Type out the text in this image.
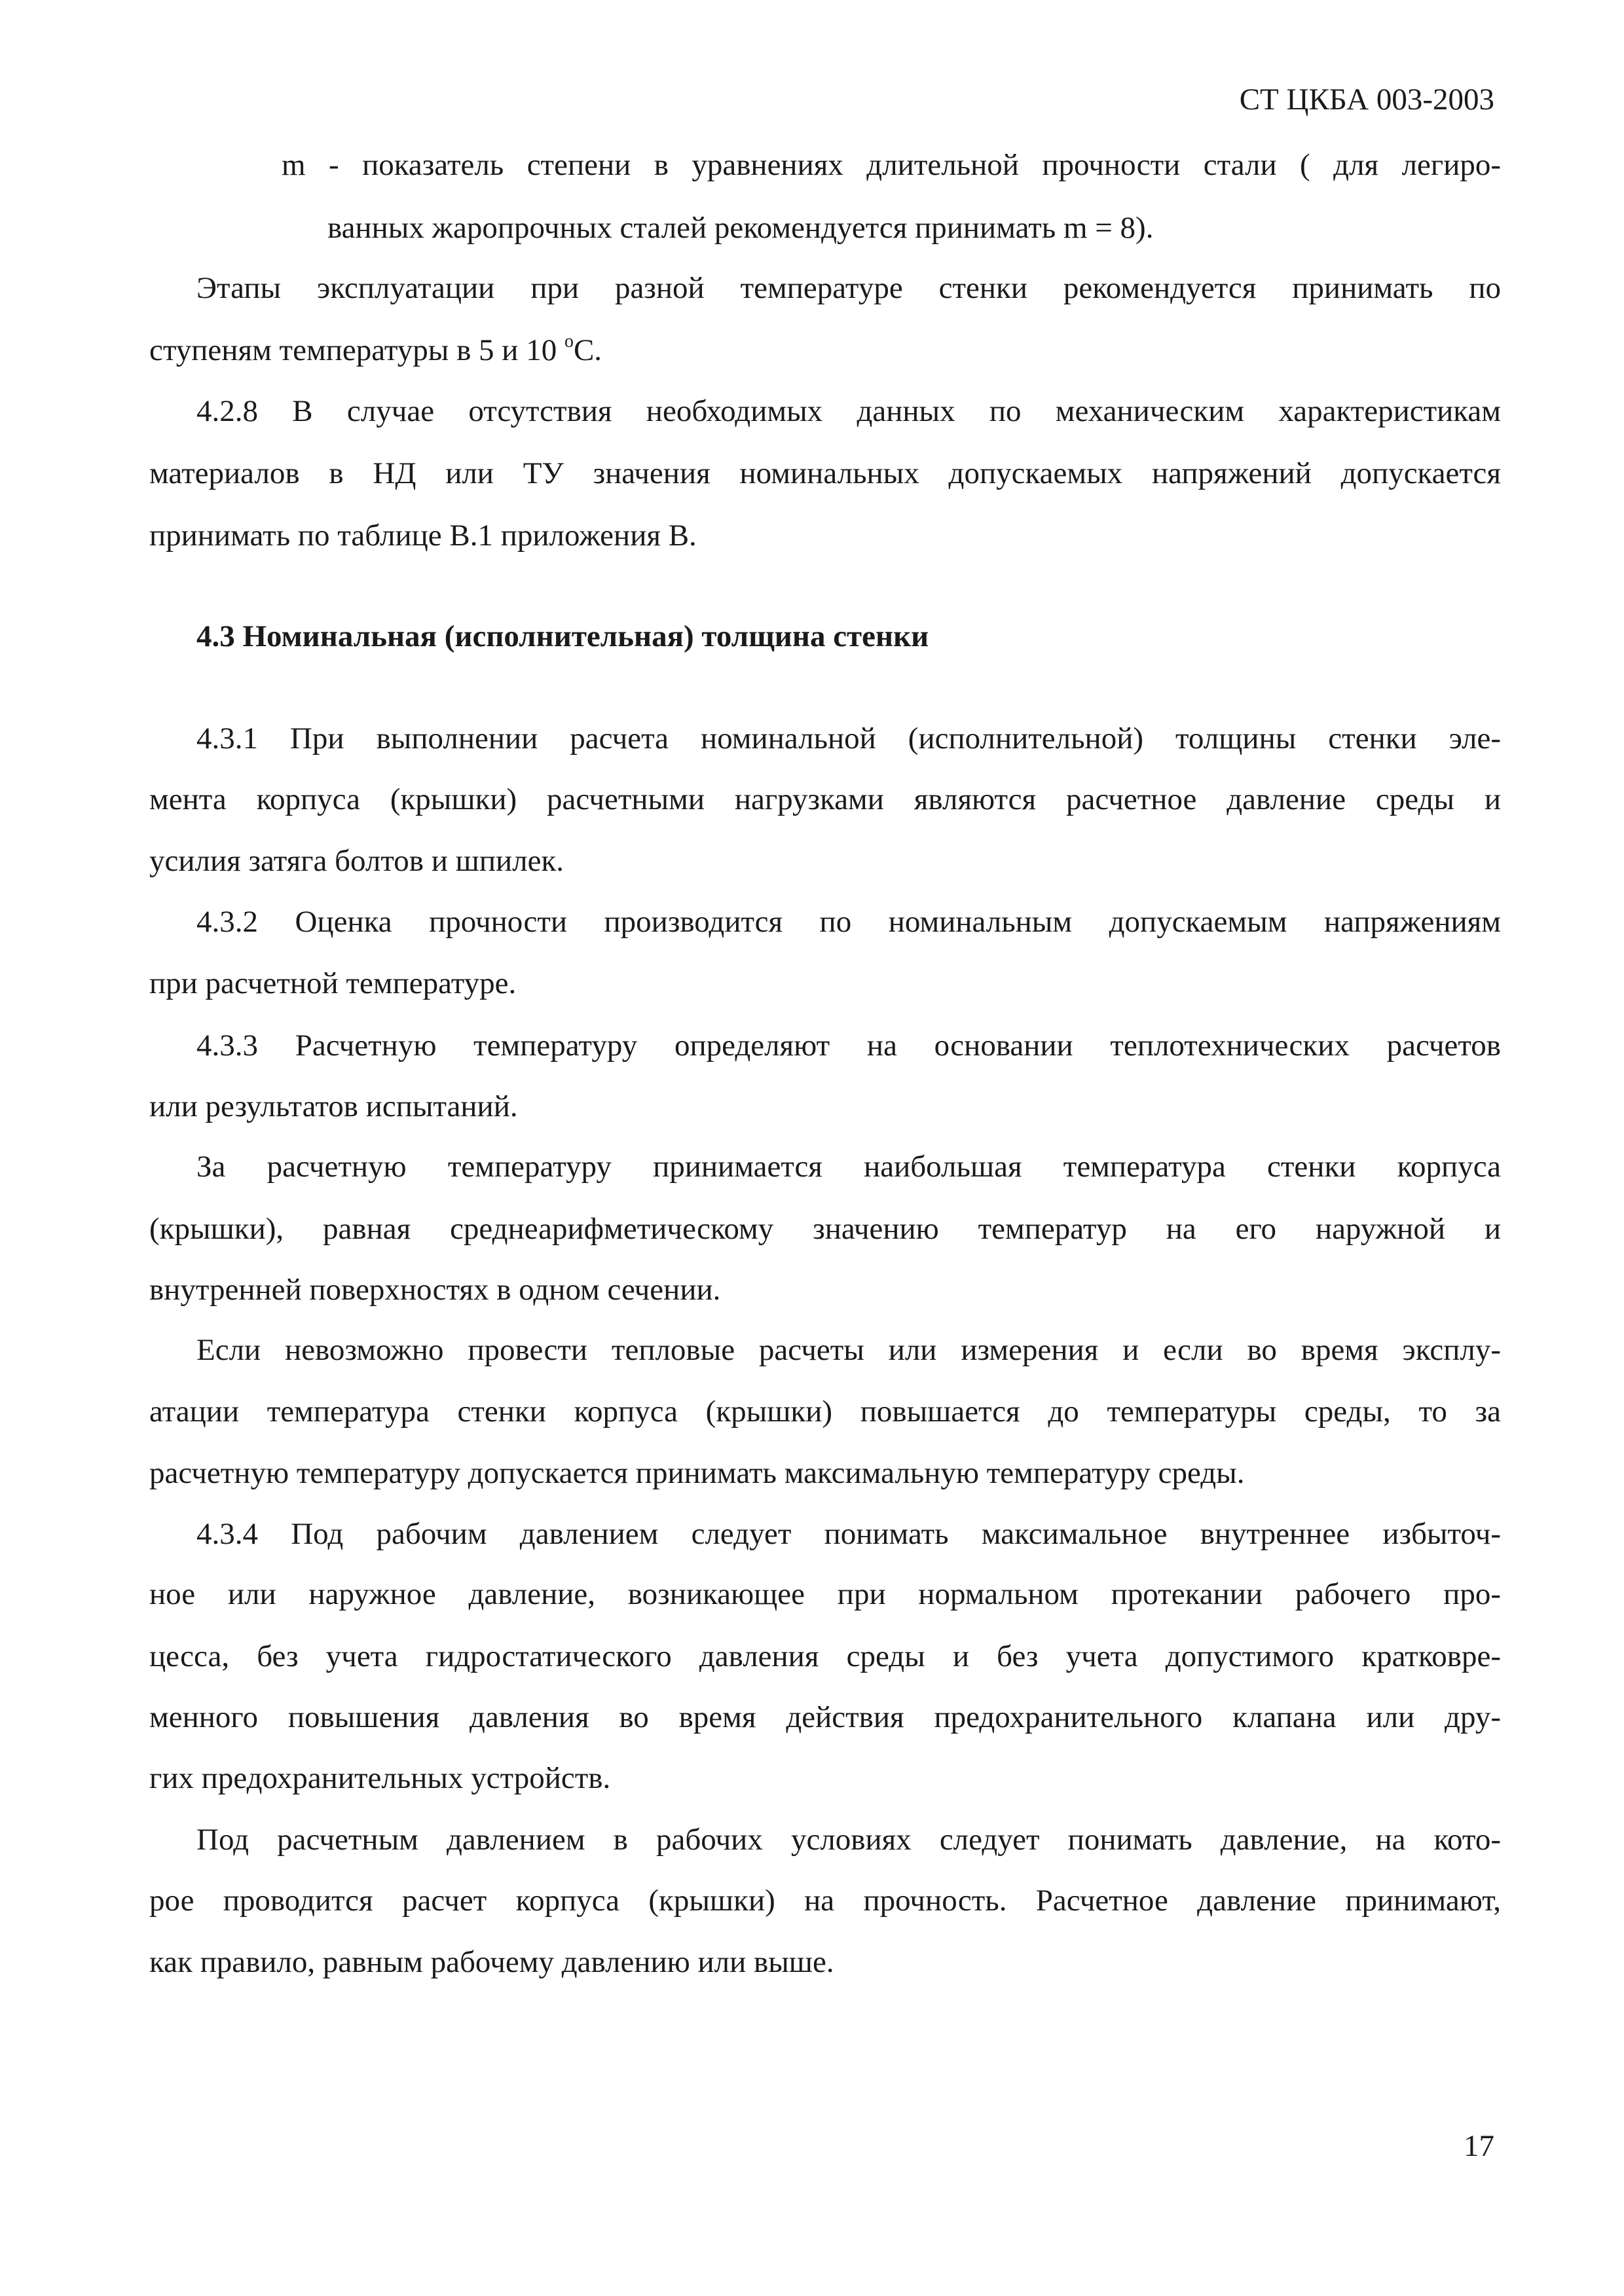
СТ ЦКБА 003-2003
m - показатель степени в уравнениях длительной прочности стали ( для легиро-
ванных жаропрочных сталей рекомендуется принимать m = 8).
Этапы эксплуатации при разной температуре стенки рекомендуется принимать по
ступеням температуры в 5 и 10 $^o$С.
4.2.8 В случае отсутствия необходимых данных по механическим характеристикам
материалов в НД или ТУ значения номинальных допускаемых напряжений допускается
принимать по таблице В.1 приложения В.
4.3 Номинальная (исполнительная) толщина стенки
4.3.1 При выполнении расчета номинальной (исполнительной) толщины стенки эле-
мента корпуса (крышки) расчетными нагрузками являются расчетное давление среды и
усилия затяга болтов и шпилек.
4.3.2 Оценка прочности производится по номинальным допускаемым напряжениям
при расчетной температуре.
4.3.3 Расчетную температуру определяют на основании теплотехнических расчетов
или результатов испытаний.
За расчетную температуру принимается наибольшая температура стенки корпуса
(крышки), равная среднеарифметическому значению температур на его наружной и
внутренней поверхностях в одном сечении.
Если невозможно провести тепловые расчеты или измерения и если во время эксплу-
атации температура стенки корпуса (крышки) повышается до температуры среды, то за
расчетную температуру допускается принимать максимальную температуру среды.
4.3.4 Под рабочим давлением следует понимать максимальное внутреннее избыточ-
ное или наружное давление, возникающее при нормальном протекании рабочего про-
цесса, без учета гидростатического давления среды и без учета допустимого кратковре-
менного повышения давления во время действия предохранительного клапана или дру-
гих предохранительных устройств.
Под расчетным давлением в рабочих условиях следует понимать давление, на кото-
рое проводится расчет корпуса (крышки) на прочность. Расчетное давление принимают,
как правило, равным рабочему давлению или выше.
17
